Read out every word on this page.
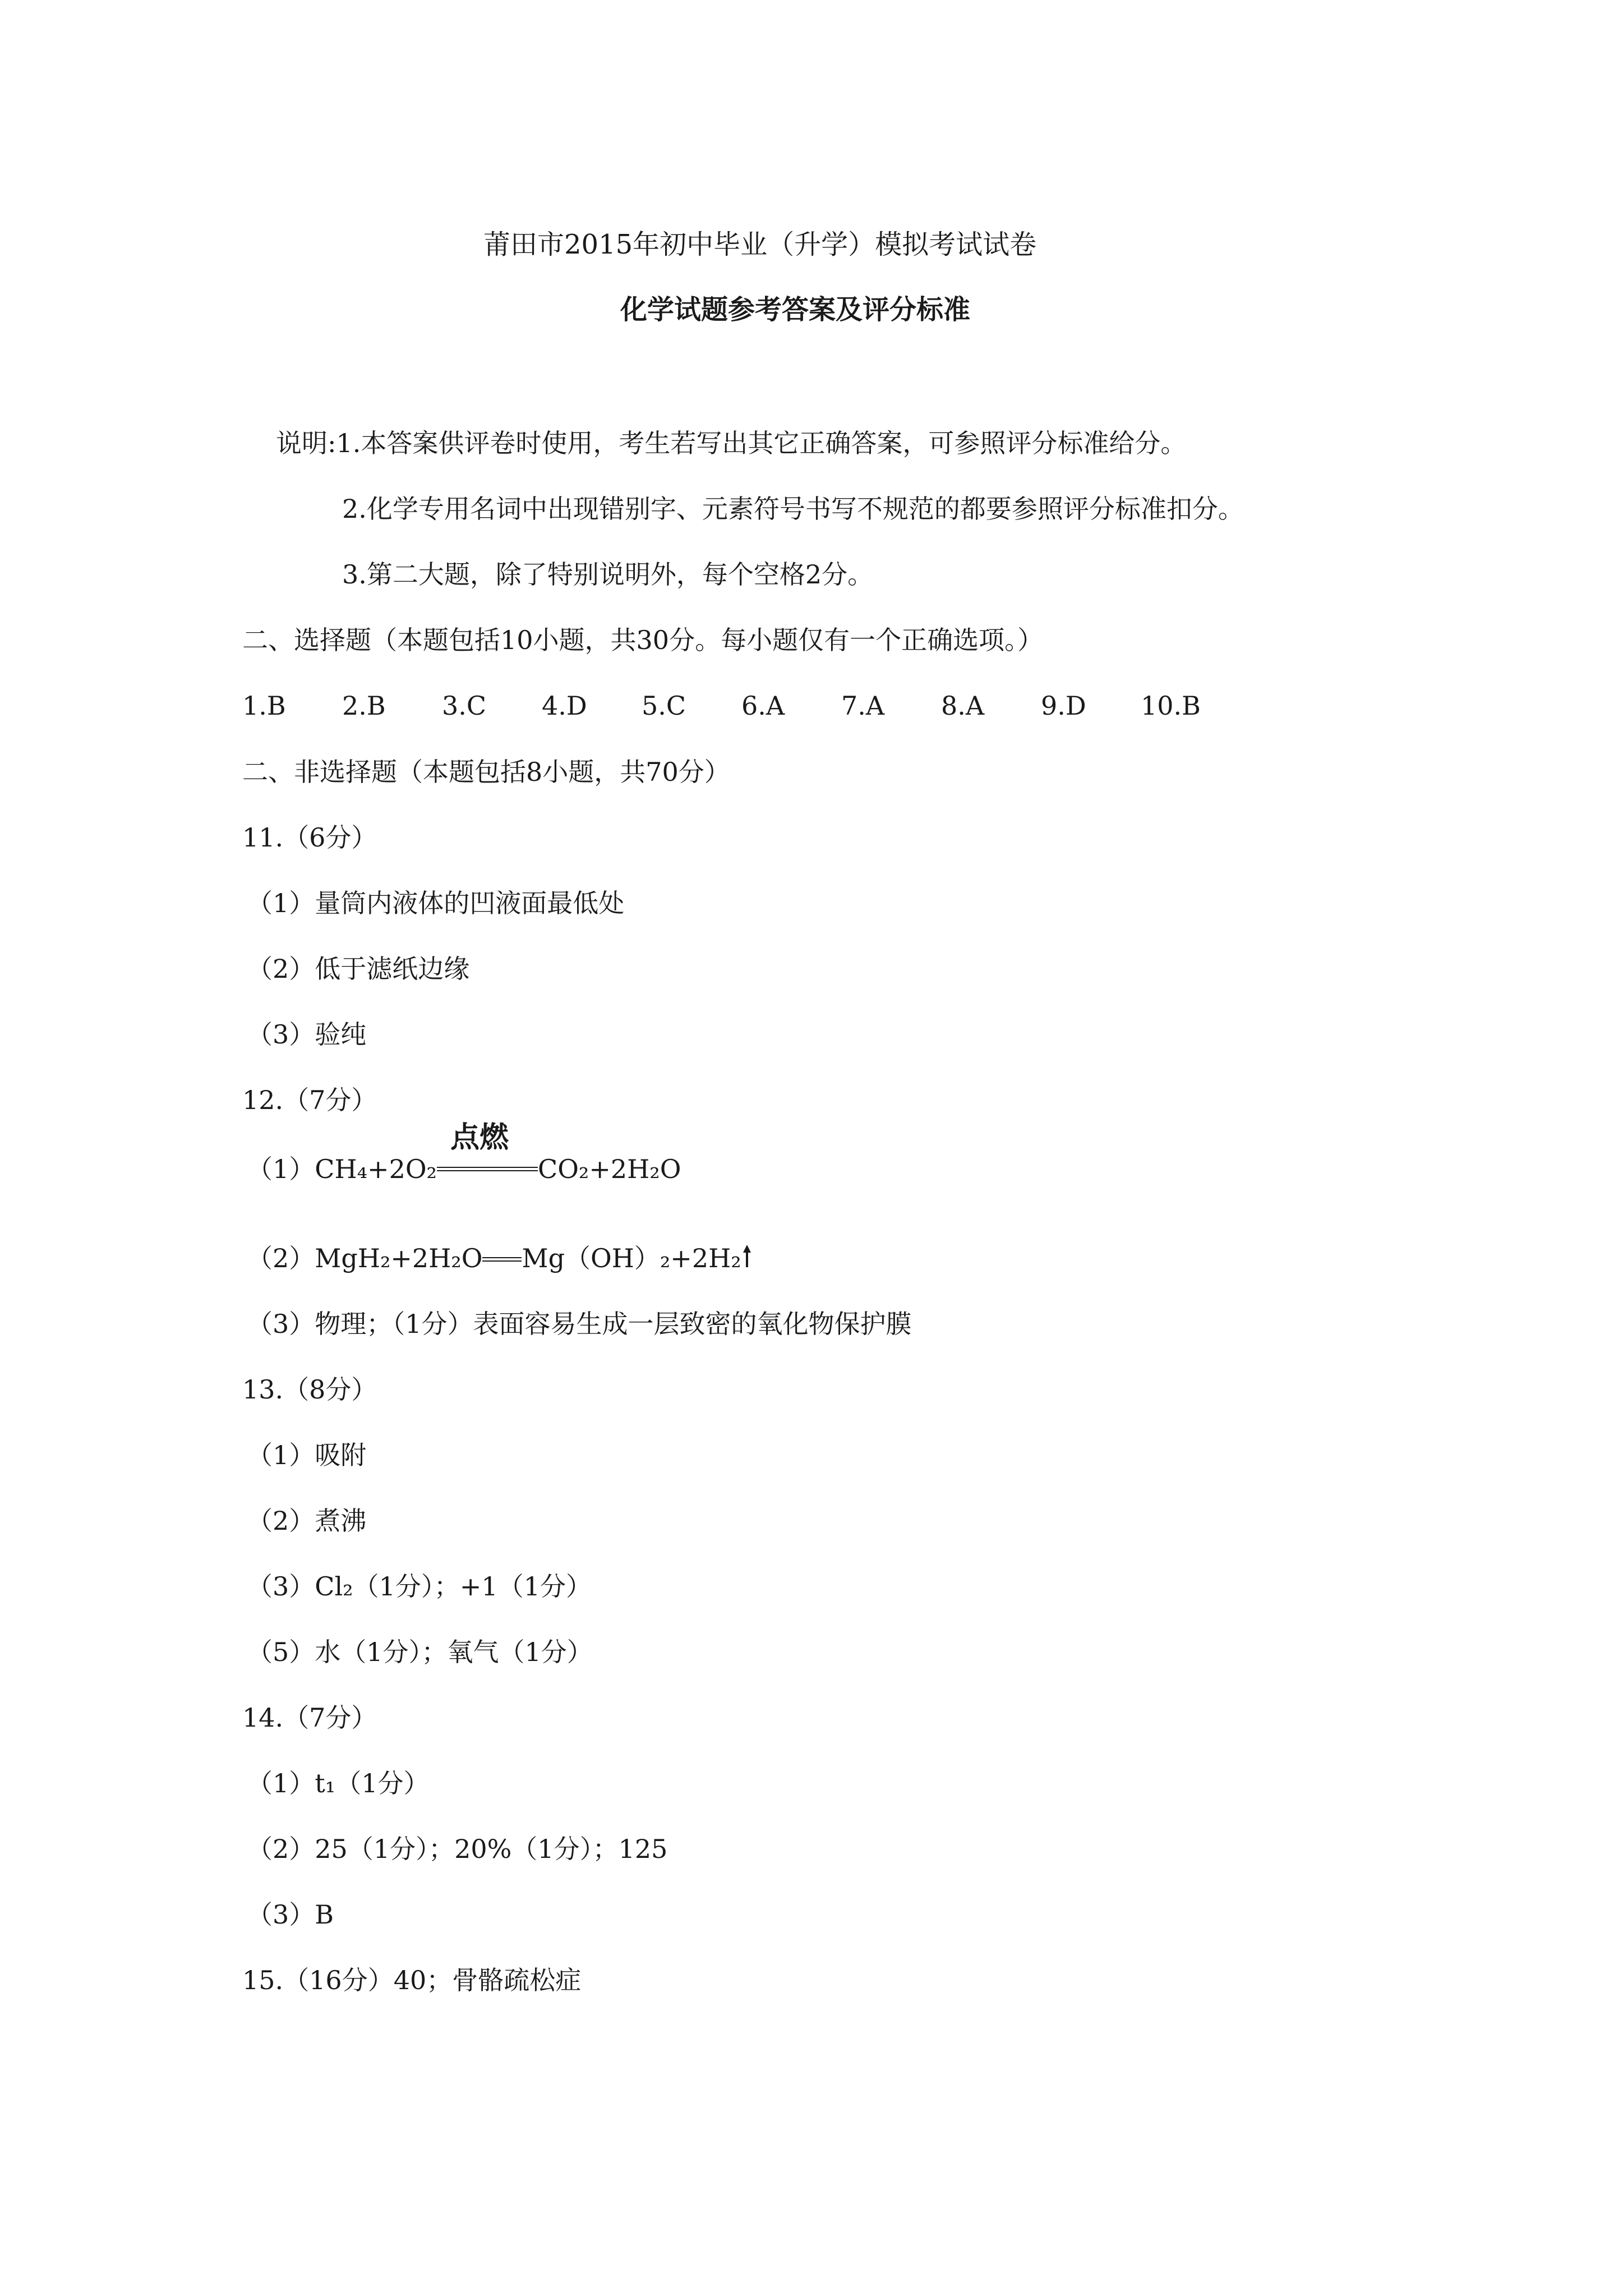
莆田市2015年初中毕业（升学）模拟考试试卷
化学试题参考答案及评分标准
说明:1.本答案供评卷时使用，考生若写出其它正确答案，可参照评分标准给分。
2.化学专用名词中出现错别字、元素符号书写不规范的都要参照评分标准扣分。
3.第二大题，除了特别说明外，每个空格2分。
二、选择题（本题包括10小题，共30分。每小题仅有一个正确选项。）
1.B 2.B 3.C 4.D 5.C 6.A 7.A 8.A 9.D 10.B
二、非选择题（本题包括8小题，共70分）
11.（6分）
（1）量筒内液体的凹液面最低处
（2）低于滤纸边缘
（3）验纯
12.（7分）
（1）CH₄+2O₂
点燃
CO₂+2H₂O
（2）MgH₂+2H₂O Mg（OH）₂+2H₂
（3）物理；（1分）表面容易生成一层致密的氧化物保护膜
13.（8分）
（1）吸附
（2）煮沸
（3）Cl₂（1分）；+1（1分）
（5）水（1分）；氧气（1分）
14.（7分）
（1）t₁（1分）
（2）25（1分）；20%（1分）；125
（3）B
15.（16分）40；骨骼疏松症
